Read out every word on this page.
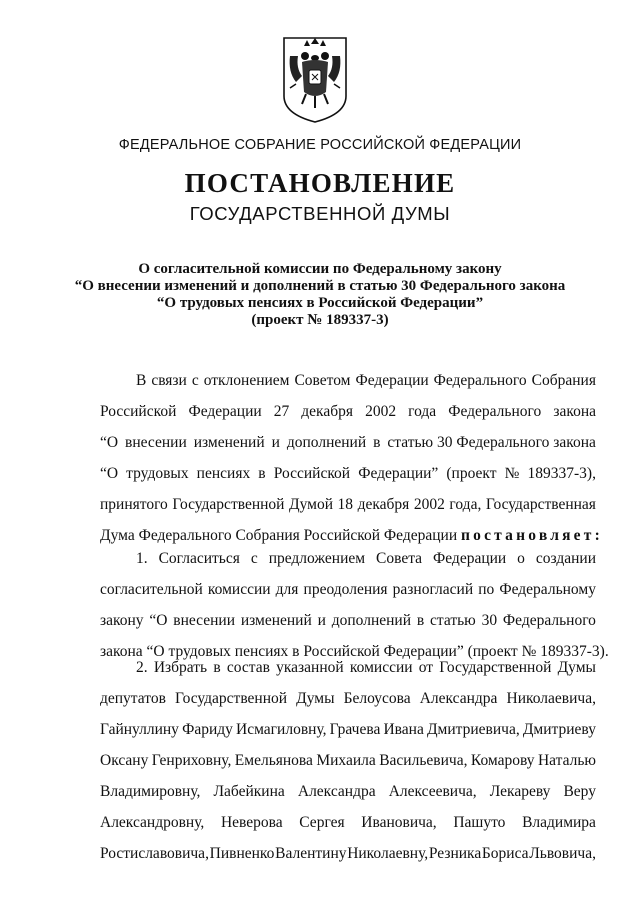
ФЕДЕРАЛЬНОЕ СОБРАНИЕ РОССИЙСКОЙ ФЕДЕРАЦИИ
ПОСТАНОВЛЕНИЕ
ГОСУДАРСТВЕННОЙ ДУМЫ
О согласительной комиссии по Федеральному закону
“О внесении изменений и дополнений в статью 30 Федерального закона
“О трудовых пенсиях в Российской Федерации”
(проект № 189337-3)
В связи с отклонением Советом Федерации Федерального Собрания
Российской Федерации 27 декабря 2002 года Федерального закона
“О внесении изменений и дополнений в статью 30 Федерального закона
“О трудовых пенсиях в Российской Федерации” (проект № 189337-3),
принятого Государственной Думой 18 декабря 2002 года, Государственная
Дума Федерального Собрания Российской Федерации
постановляет:
1. Согласиться с предложением Совета Федерации о создании
согласительной комиссии для преодоления разногласий по Федеральному
закону “О внесении изменений и дополнений в статью 30 Федерального
закона “О трудовых пенсиях в Российской Федерации” (проект № 189337-3).
2. Избрать в состав указанной комиссии от Государственной Думы
депутатов Государственной Думы Белоусова Александра Николаевича,
Гайнуллину Фариду Исмагиловну, Грачева Ивана Дмитриевича, Дмитриеву
Оксану Генриховну, Емельянова Михаила Васильевича, Комарову Наталью
Владимировну, Лабейкина Александра Алексеевича, Лекареву Веру
Александровну, Неверова Сергея Ивановича, Пашуто Владимира
Ростиславовича, Пивненко Валентину Николаевну, Резника Бориса Львовича,
